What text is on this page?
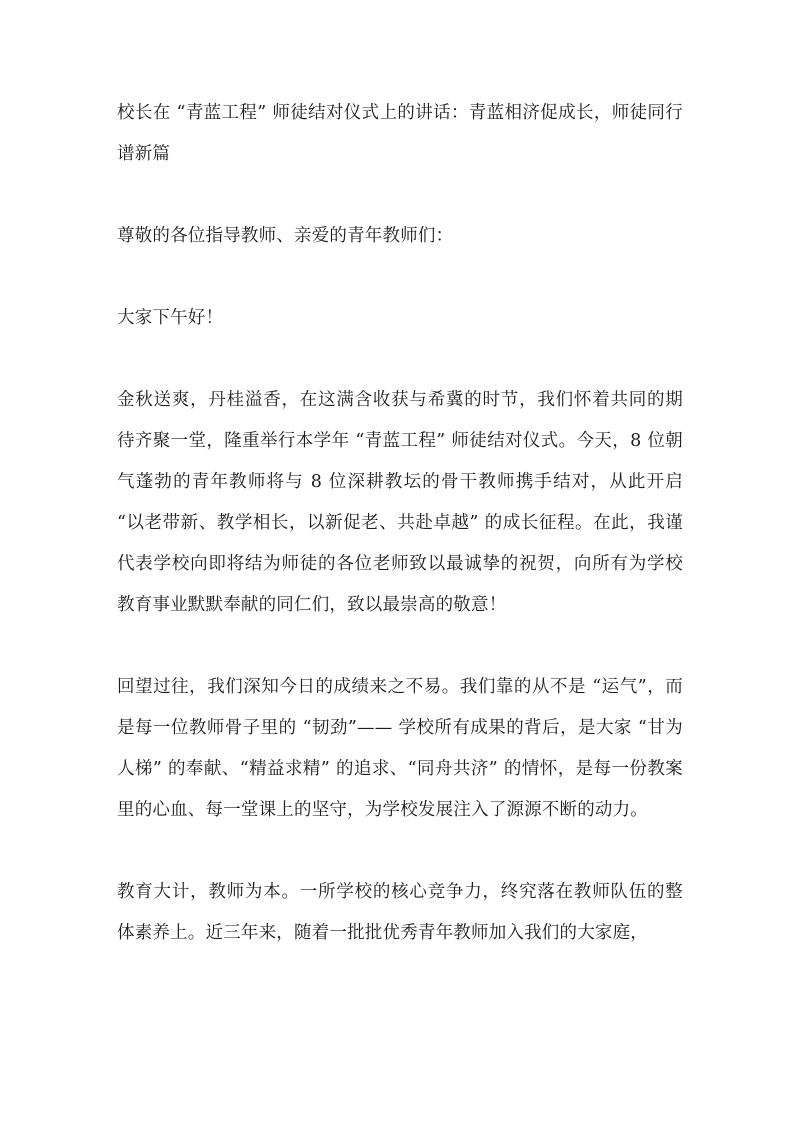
校长在 “青蓝工程” 师徒结对仪式上的讲话：青蓝相济促成长，师徒同行谱新篇

尊敬的各位指导教师、亲爱的青年教师们：

大家下午好！

金秋送爽，丹桂溢香，在这满含收获与希冀的时节，我们怀着共同的期待齐聚一堂，隆重举行本学年 “青蓝工程” 师徒结对仪式。今天，8 位朝气蓬勃的青年教师将与 8 位深耕教坛的骨干教师携手结对，从此开启 “以老带新、教学相长，以新促老、共赴卓越” 的成长征程。在此，我谨代表学校向即将结为师徒的各位老师致以最诚挚的祝贺，向所有为学校教育事业默默奉献的同仁们，致以最崇高的敬意！

回望过往，我们深知今日的成绩来之不易。我们靠的从不是 “运气”，而是每一位教师骨子里的 “韧劲”—— 学校所有成果的背后，是大家 “甘为人梯” 的奉献、“精益求精” 的追求、“同舟共济” 的情怀，是每一份教案里的心血、每一堂课上的坚守，为学校发展注入了源源不断的动力。

教育大计，教师为本。一所学校的核心竞争力，终究落在教师队伍的整体素养上。近三年来，随着一批批优秀青年教师加入我们的大家庭，
